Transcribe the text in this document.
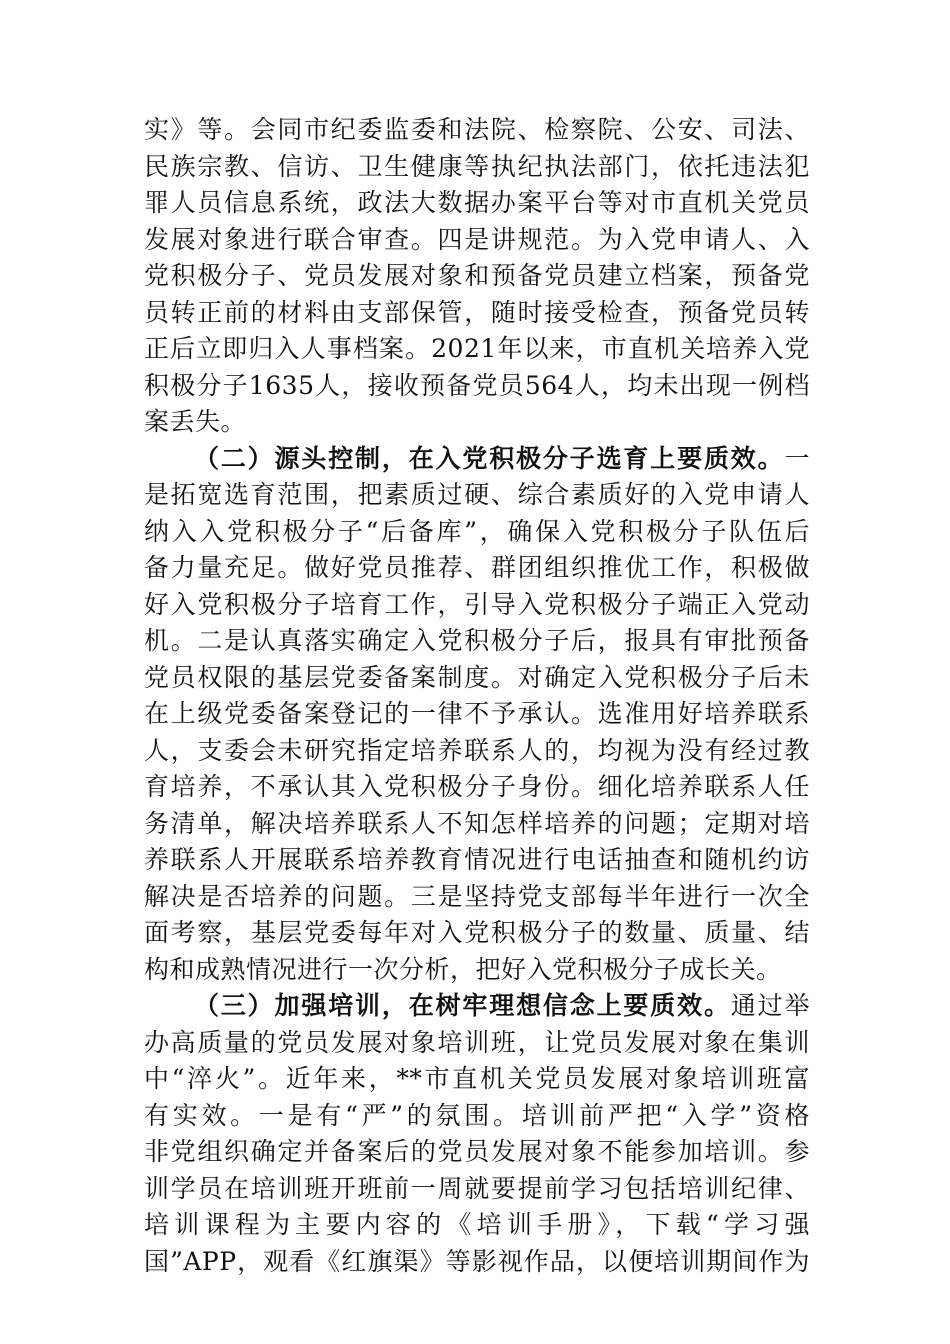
实》等。会同市纪委监委和法院、检察院、公安、司法、
民族宗教、信访、卫生健康等执纪执法部门，依托违法犯
罪人员信息系统，政法大数据办案平台等对市直机关党员
发展对象进行联合审查。四是讲规范。为入党申请人、入
党积极分子、党员发展对象和预备党员建立档案，预备党
员转正前的材料由支部保管，随时接受检查，预备党员转
正后立即归入人事档案。2021年以来，市直机关培养入党
积极分子1635人，接收预备党员564人，均未出现一例档
案丢失。
（二）源头控制，在入党积极分子选育上要质效。一
是拓宽选育范围，把素质过硬、综合素质好的入党申请人
纳入入党积极分子“后备库”，确保入党积极分子队伍后
备力量充足。做好党员推荐、群团组织推优工作，积极做
好入党积极分子培育工作，引导入党积极分子端正入党动
机。二是认真落实确定入党积极分子后，报具有审批预备
党员权限的基层党委备案制度。对确定入党积极分子后未
在上级党委备案登记的一律不予承认。选准用好培养联系
人，支委会未研究指定培养联系人的，均视为没有经过教
育培养，不承认其入党积极分子身份。细化培养联系人任
务清单，解决培养联系人不知怎样培养的问题；定期对培
养联系人开展联系培养教育情况进行电话抽查和随机约访
解决是否培养的问题。三是坚持党支部每半年进行一次全
面考察，基层党委每年对入党积极分子的数量、质量、结
构和成熟情况进行一次分析，把好入党积极分子成长关。
（三）加强培训，在树牢理想信念上要质效。通过举
办高质量的党员发展对象培训班，让党员发展对象在集训
中“淬火”。近年来，**市直机关党员发展对象培训班富
有实效。一是有“严”的氛围。培训前严把“入学”资格
非党组织确定并备案后的党员发展对象不能参加培训。参
训学员在培训班开班前一周就要提前学习包括培训纪律、
培训课程为主要内容的《培训手册》，下载“学习强
国”APP，观看《红旗渠》等影视作品，以便培训期间作为
